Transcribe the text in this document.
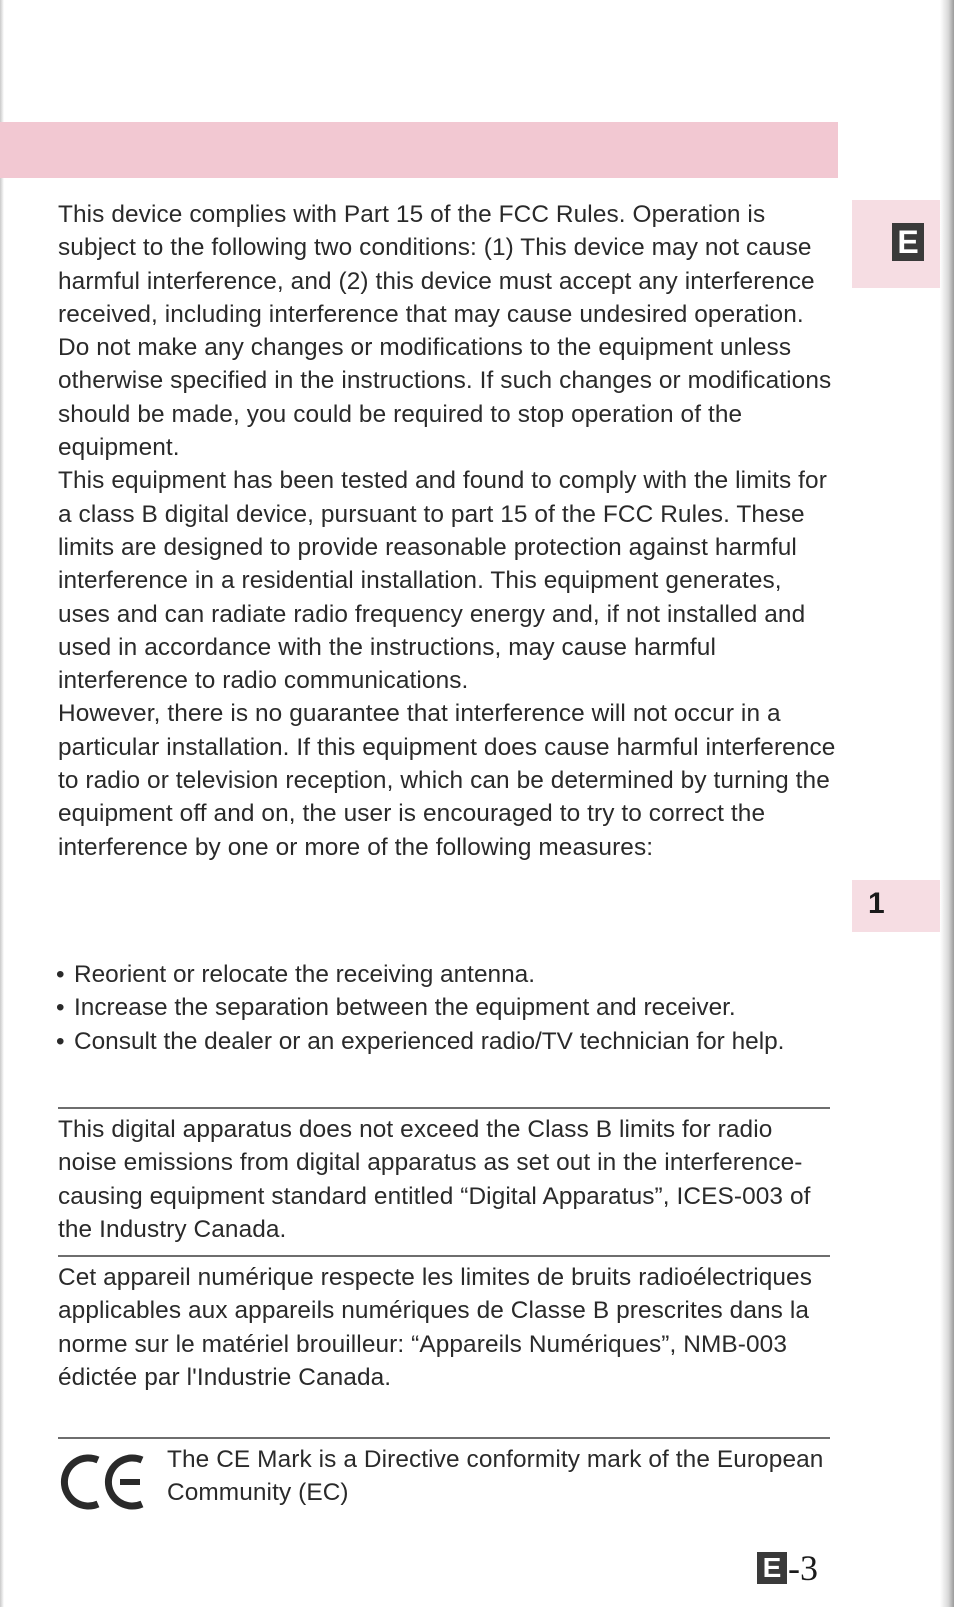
E
1
This device complies with Part 15 of the FCC Rules. Operation is subject to the following two conditions: (1) This device may not cause harmful interference, and (2) this device must accept any interference received, including interference that may cause undesired operation.
Do not make any changes or modifications to the equipment unless otherwise specified in the instructions. If such changes or modifications should be made, you could be required to stop operation of the equipment.
This equipment has been tested and found to comply with the limits for a class B digital device, pursuant to part 15 of the FCC Rules. These limits are designed to provide reasonable protection against harmful interference in a residential installation. This equipment generates, uses and can radiate radio frequency energy and, if not installed and used in accordance with the instructions, may cause harmful interference to radio communications.
However, there is no guarantee that interference will not occur in a particular installation. If this equipment does cause harmful interference to radio or television reception, which can be determined by turning the equipment off and on, the user is encouraged to try to correct the interference by one or more of the following measures:
• Reorient or relocate the receiving antenna.
• Increase the separation between the equipment and receiver.
• Consult the dealer or an experienced radio/TV technician for help.
This digital apparatus does not exceed the Class B limits for radio noise emissions from digital apparatus as set out in the interference-causing equipment standard entitled “Digital Apparatus”, ICES-003 of the Industry Canada.
Cet appareil numérique respecte les limites de bruits radioélectriques applicables aux appareils numériques de Classe B prescrites dans la norme sur le matériel brouilleur: “Appareils Numériques”, NMB-003 édictée par l'Industrie Canada.
The CE Mark is a Directive conformity mark of the European Community (EC)
E -3
